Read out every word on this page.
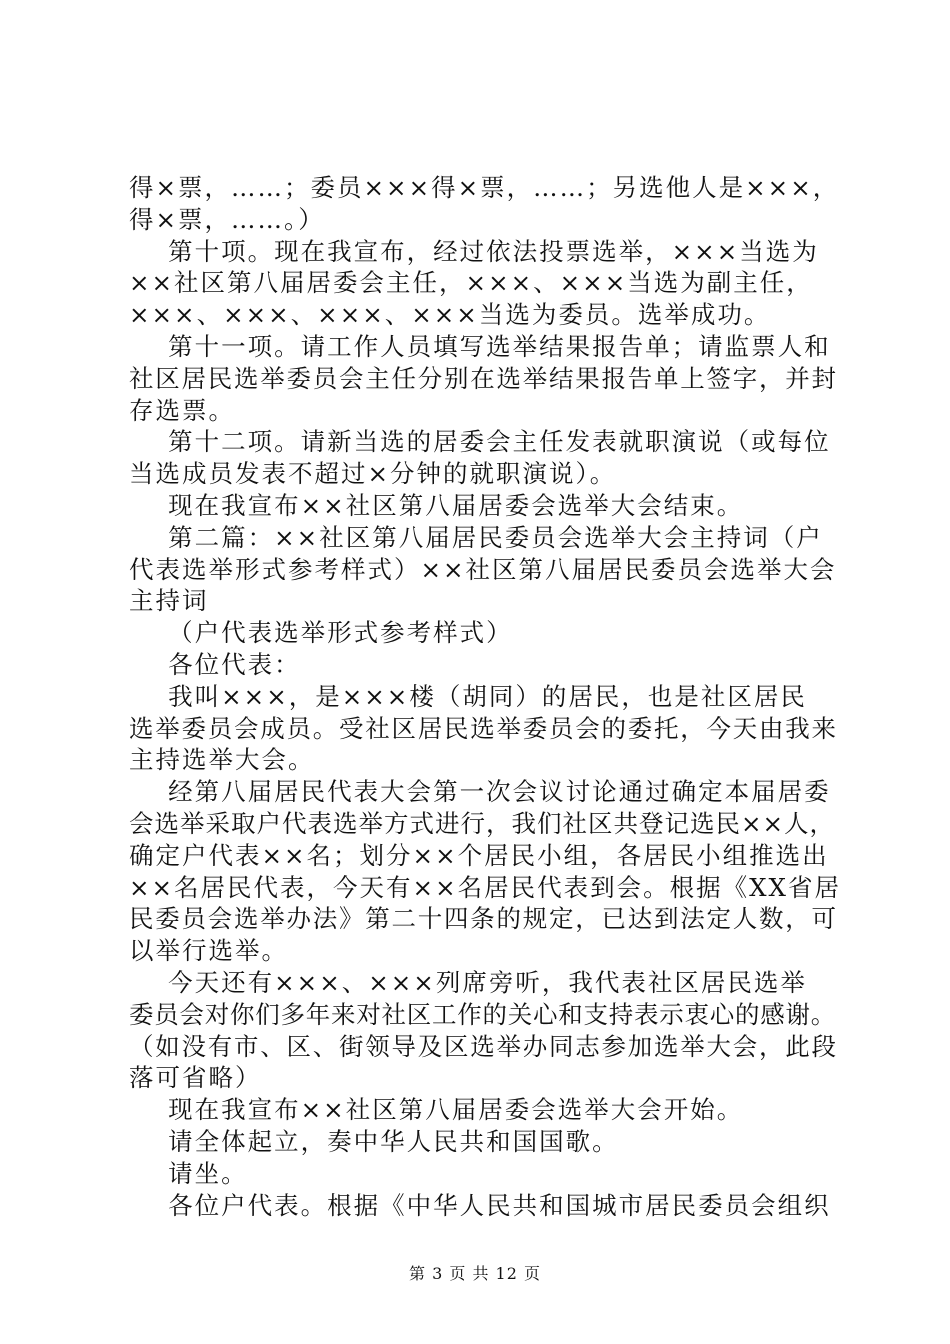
得×票，……；委员×××得×票，……；另选他人是×××，
得×票，……。）
第十项。现在我宣布，经过依法投票选举，×××当选为
××社区第八届居委会主任，×××、×××当选为副主任，
×××、×××、×××、×××当选为委员。选举成功。
第十一项。请工作人员填写选举结果报告单；请监票人和
社区居民选举委员会主任分别在选举结果报告单上签字，并封
存选票。
第十二项。请新当选的居委会主任发表就职演说（或每位
当选成员发表不超过×分钟的就职演说）。
现在我宣布××社区第八届居委会选举大会结束。
第二篇：××社区第八届居民委员会选举大会主持词（户
代表选举形式参考样式）××社区第八届居民委员会选举大会
主持词
（户代表选举形式参考样式）
各位代表：
我叫×××，是×××楼（胡同）的居民，也是社区居民
选举委员会成员。受社区居民选举委员会的委托，今天由我来
主持选举大会。
经第八届居民代表大会第一次会议讨论通过确定本届居委
会选举采取户代表选举方式进行，我们社区共登记选民××人，
确定户代表××名；划分××个居民小组，各居民小组推选出
××名居民代表，今天有××名居民代表到会。根据《XX省居
民委员会选举办法》第二十四条的规定，已达到法定人数，可
以举行选举。
今天还有×××、×××列席旁听，我代表社区居民选举
委员会对你们多年来对社区工作的关心和支持表示衷心的感谢。
（如没有市、区、街领导及区选举办同志参加选举大会，此段
落可省略）
现在我宣布××社区第八届居委会选举大会开始。
请全体起立，奏中华人民共和国国歌。
请坐。
各位户代表。根据《中华人民共和国城市居民委员会组织
第 3 页 共 12 页
